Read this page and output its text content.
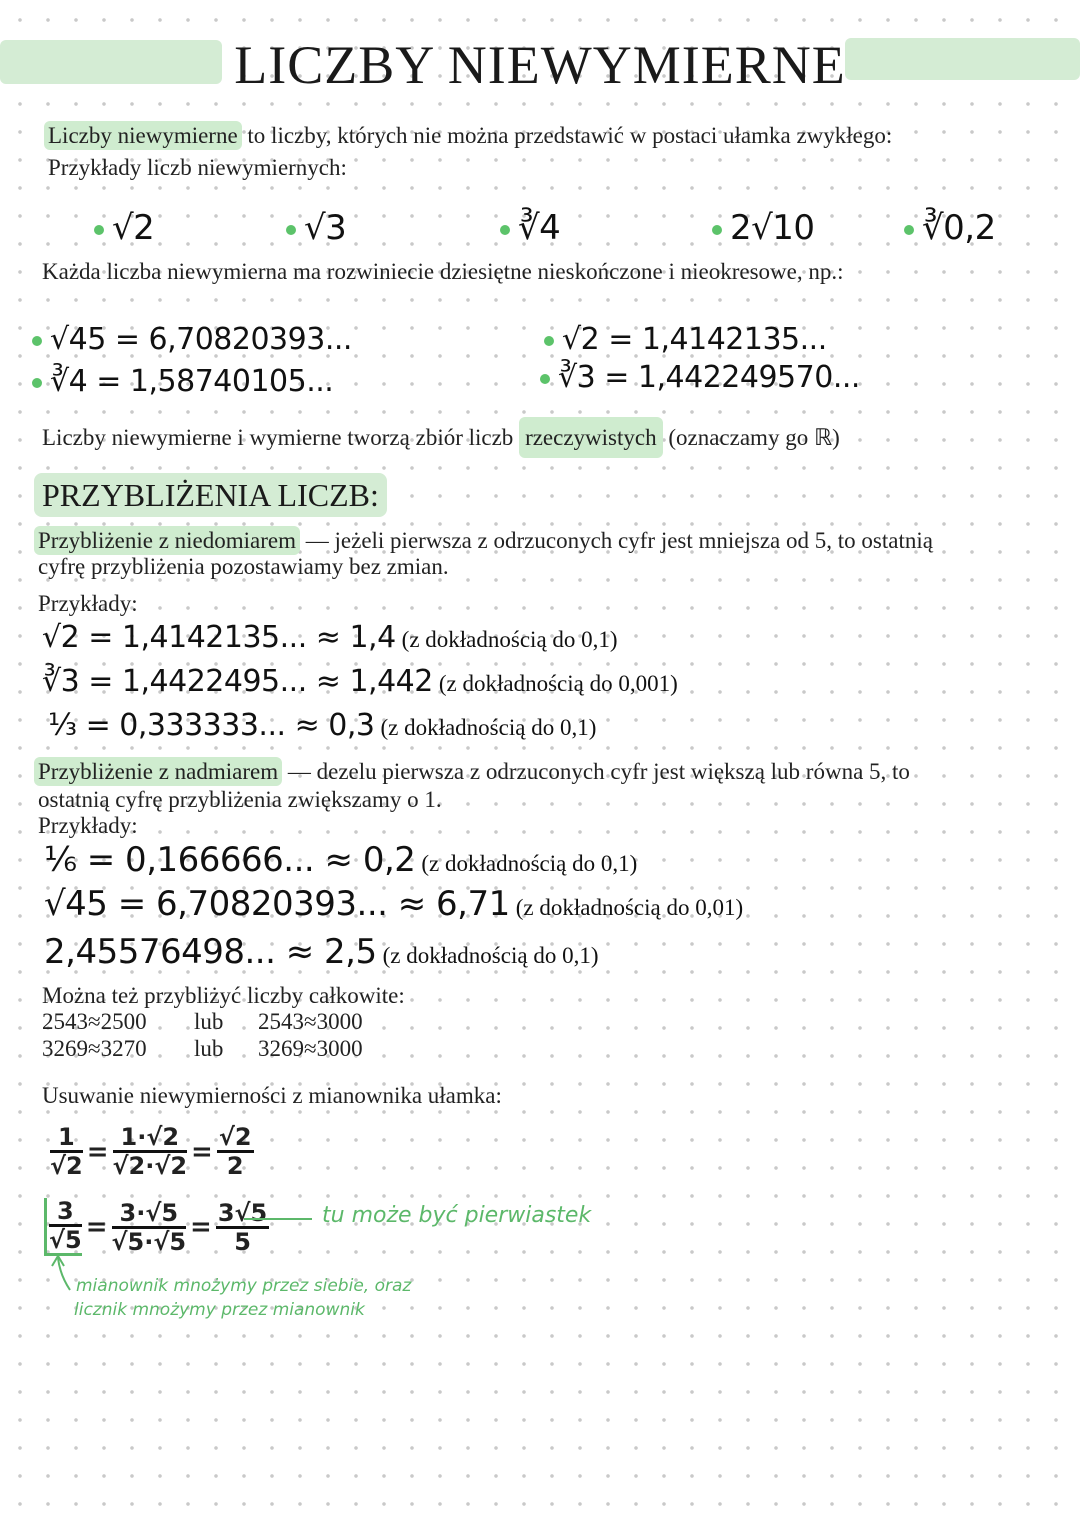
LICZBY NIEWYMIERNE
Liczby niewymierne to liczby, których nie można przedstawić w postaci ułamka zwykłego:
Przykłady liczb niewymiernych:
√2	√3	∛4	2√10	∛0,2
Każda liczba niewymierna ma rozwiniecie dziesiętne nieskończone i nieokresowe, np.:
√45 = 6,70820393...
∛4 = 1,58740105...
√2 = 1,4142135...
∛3 = 1,442249570...
Liczby niewymierne i wymierne tworzą zbiór liczb rzeczywistych (oznaczamy go ℝ)
PRZYBLIŻENIA LICZB:
Przybliżenie z niedomiarem — jeżeli pierwsza z odrzuconych cyfr jest mniejsza od 5, to ostatnią
cyfrę przybliżenia pozostawiamy bez zmian.
Przykłady:
√2 = 1,4142135... ≈ 1,4 (z dokładnością do 0,1)
∛3 = 1,4422495... ≈ 1,442 (z dokładnością do 0,001)
⅓ = 0,333333... ≈ 0,3 (z dokładnością do 0,1)
Przybliżenie z nadmiarem — dezelu pierwsza z odrzuconych cyfr jest większą lub równa 5, to
ostatnią cyfrę przybliżenia zwiększamy o 1.
Przykłady:
⅙ = 0,166666... ≈ 0,2 (z dokładnością do 0,1)
√45 = 6,70820393... ≈ 6,71 (z dokładnością do 0,01)
2,45576498... ≈ 2,5 (z dokładnością do 0,1)
Można też przybliżyć liczby całkowite:
2543≈2500 lub 2543≈3000
3269≈3270 lub 3269≈3000
Usuwanie niewymierności z mianownika ułamka:
$\frac{1}{√2} = \frac{1\cdot√2}{√2\cdot√2} = \frac{√2}{2}$
$\frac{3}{√5} = \frac{3\cdot√5}{√5\cdot√5} = \frac{3√5}{5}$ tu może być pierwiastek
mianownik mnożymy przez siebie, oraz
licznik mnożymy przez mianownik
